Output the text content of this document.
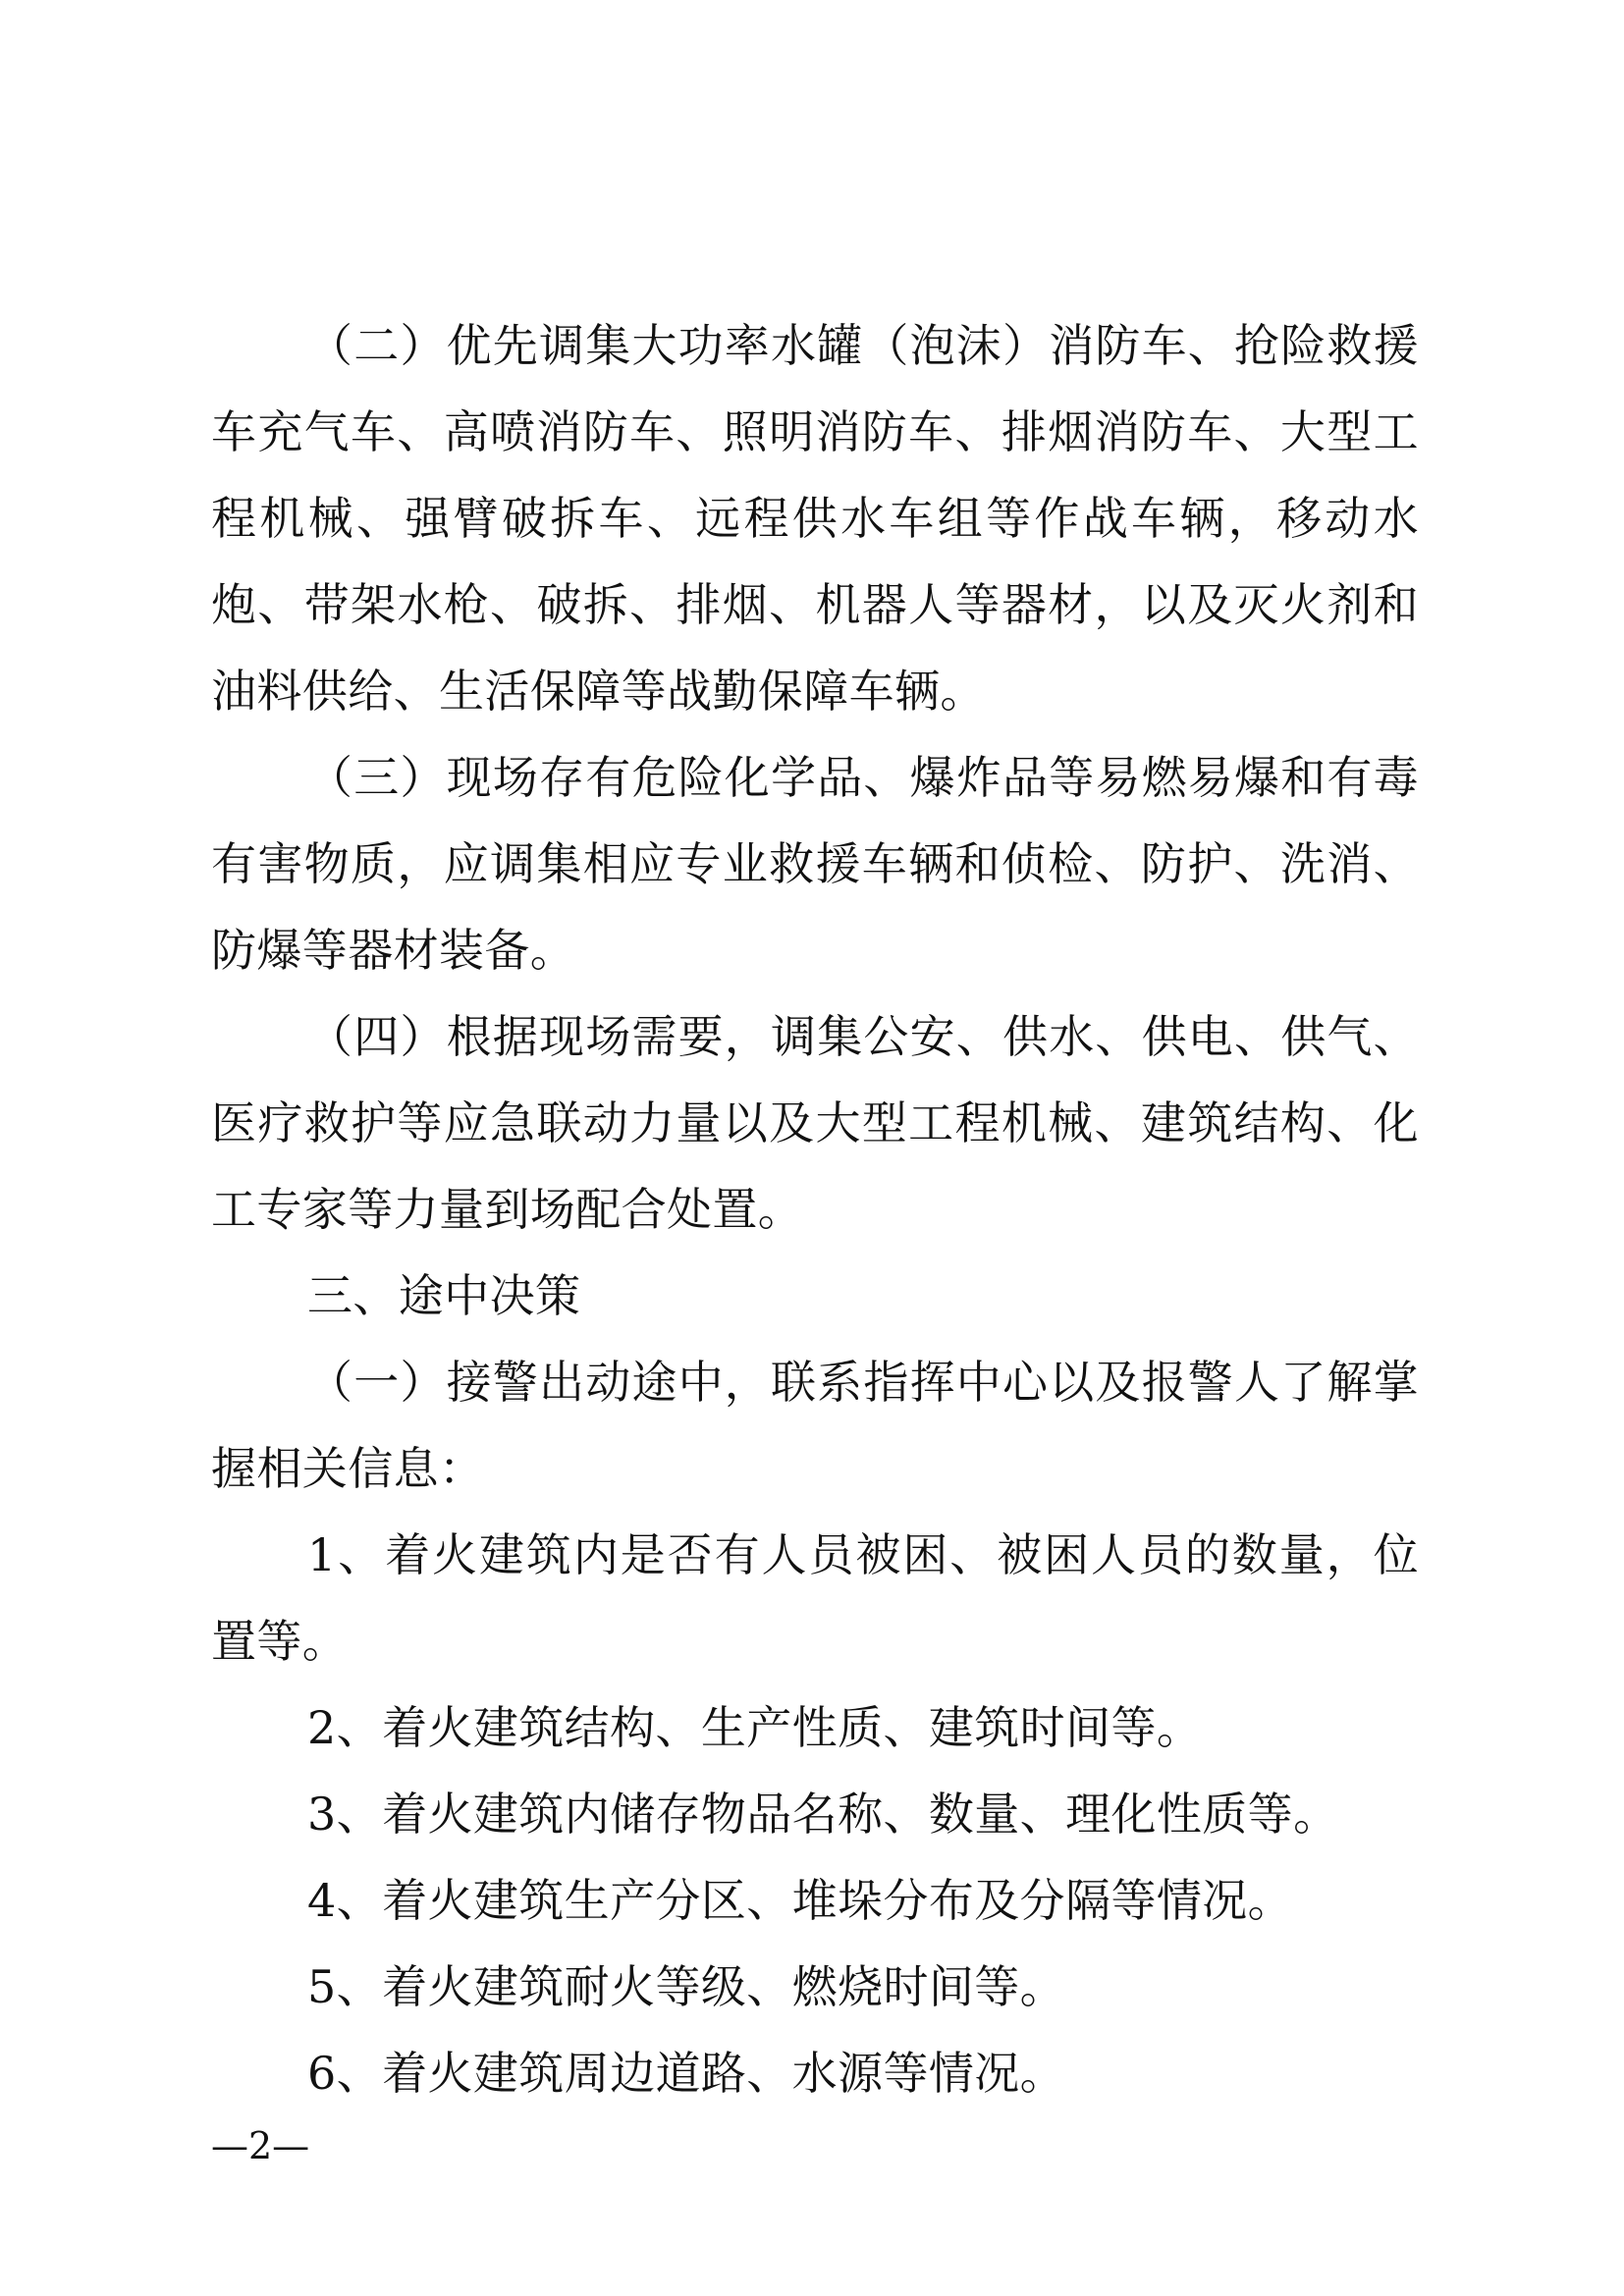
（二）优先调集大功率水罐（泡沫）消防车、抢险救援车充气车、高喷消防车、照明消防车、排烟消防车、大型工程机械、强臂破拆车、远程供水车组等作战车辆，移动水炮、带架水枪、破拆、排烟、机器人等器材，以及灭火剂和油料供给、生活保障等战勤保障车辆。

（三）现场存有危险化学品、爆炸品等易燃易爆和有毒有害物质，应调集相应专业救援车辆和侦检、防护、洗消、防爆等器材装备。

（四）根据现场需要，调集公安、供水、供电、供气、医疗救护等应急联动力量以及大型工程机械、建筑结构、化工专家等力量到场配合处置。

三、途中决策

（一）接警出动途中，联系指挥中心以及报警人了解掌握相关信息：

1、着火建筑内是否有人员被困、被困人员的数量，位置等。

2、着火建筑结构、生产性质、建筑时间等。

3、着火建筑内储存物品名称、数量、理化性质等。

4、着火建筑生产分区、堆垛分布及分隔等情况。

5、着火建筑耐火等级、燃烧时间等。

6、着火建筑周边道路、水源等情况。

—2—
